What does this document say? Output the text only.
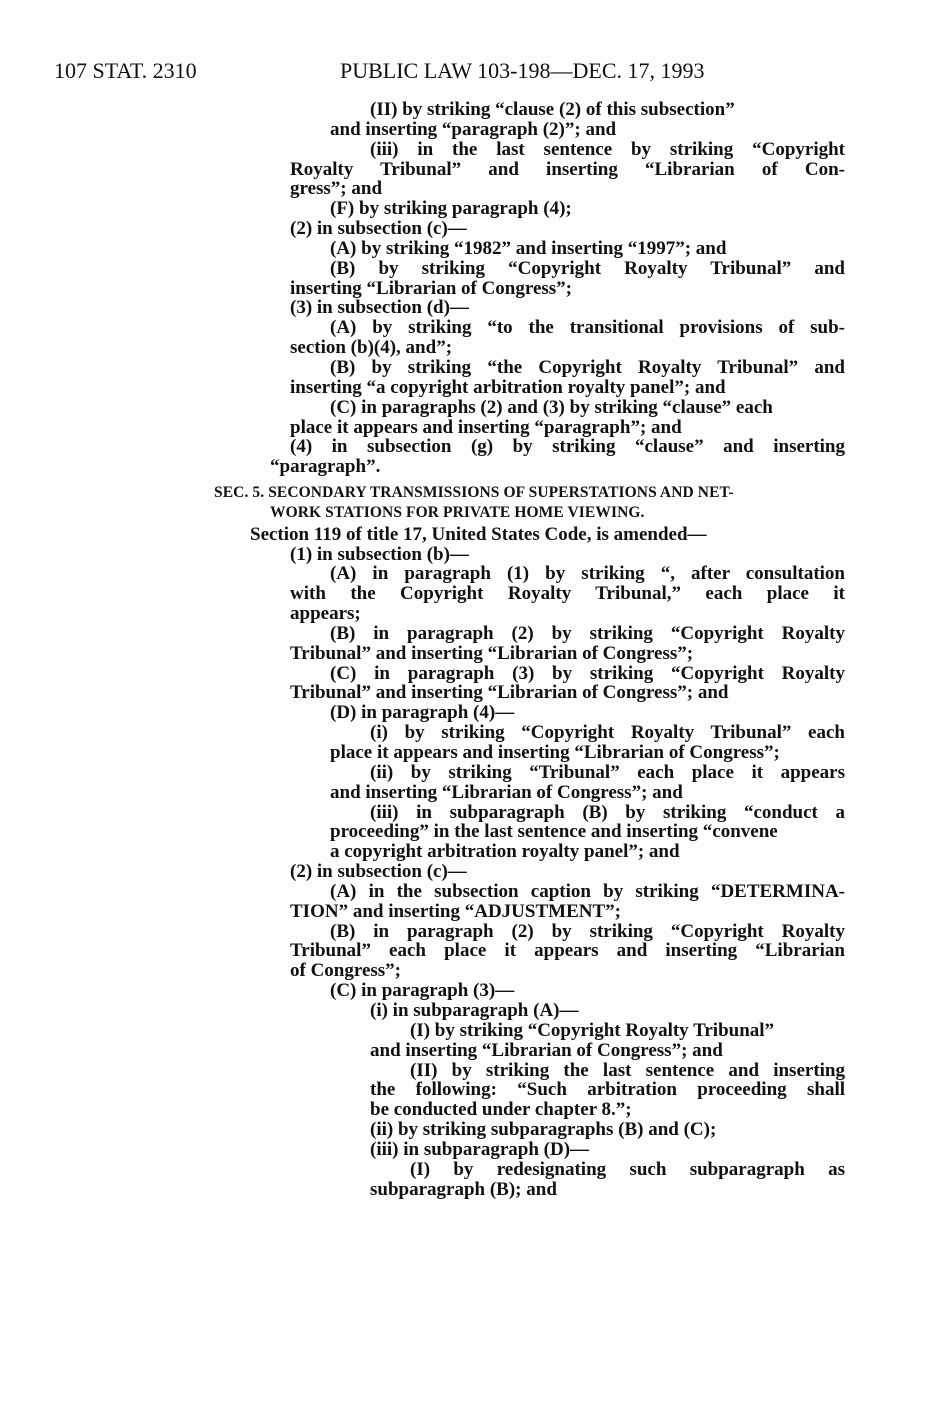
107 STAT. 2310	PUBLIC LAW 103-198—DEC. 17, 1993
(II) by striking “clause (2) of this subsection”
and inserting “paragraph (2)”; and
(iii) in the last sentence by striking “Copyright
Royalty Tribunal” and inserting “Librarian of Con-
gress”; and
(F) by striking paragraph (4);
(2) in subsection (c)—
(A) by striking “1982” and inserting “1997”; and
(B) by striking “Copyright Royalty Tribunal” and
inserting “Librarian of Congress”;
(3) in subsection (d)—
(A) by striking “to the transitional provisions of sub-
section (b)(4), and”;
(B) by striking “the Copyright Royalty Tribunal” and
inserting “a copyright arbitration royalty panel”; and
(C) in paragraphs (2) and (3) by striking “clause” each
place it appears and inserting “paragraph”; and
(4) in subsection (g) by striking “clause” and inserting
“paragraph”.
SEC. 5. SECONDARY TRANSMISSIONS OF SUPERSTATIONS AND NET-
WORK STATIONS FOR PRIVATE HOME VIEWING.
Section 119 of title 17, United States Code, is amended—
(1) in subsection (b)—
(A) in paragraph (1) by striking “, after consultation
with the Copyright Royalty Tribunal,” each place it
appears;
(B) in paragraph (2) by striking “Copyright Royalty
Tribunal” and inserting “Librarian of Congress”;
(C) in paragraph (3) by striking “Copyright Royalty
Tribunal” and inserting “Librarian of Congress”; and
(D) in paragraph (4)—
(i) by striking “Copyright Royalty Tribunal” each
place it appears and inserting “Librarian of Congress”;
(ii) by striking “Tribunal” each place it appears
and inserting “Librarian of Congress”; and
(iii) in subparagraph (B) by striking “conduct a
proceeding” in the last sentence and inserting “convene
a copyright arbitration royalty panel”; and
(2) in subsection (c)—
(A) in the subsection caption by striking “DETERMINA-
TION” and inserting “ADJUSTMENT”;
(B) in paragraph (2) by striking “Copyright Royalty
Tribunal” each place it appears and inserting “Librarian
of Congress”;
(C) in paragraph (3)—
(i) in subparagraph (A)—
(I) by striking “Copyright Royalty Tribunal”
and inserting “Librarian of Congress”; and
(II) by striking the last sentence and inserting
the following: “Such arbitration proceeding shall
be conducted under chapter 8.”;
(ii) by striking subparagraphs (B) and (C);
(iii) in subparagraph (D)—
(I) by redesignating such subparagraph as
subparagraph (B); and
